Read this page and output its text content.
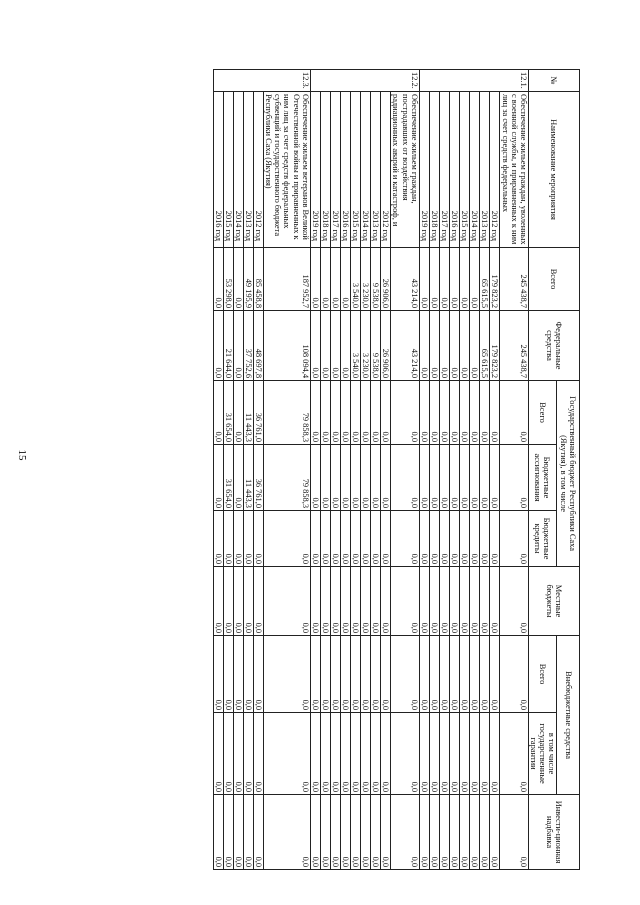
15
№	Наименование мероприятия	Всего	Федеральные средства	Государственный бюджет Республики Саха (Якутия), в том числе			Местные бюджеты	Внебюджетные средства		Инвести-ционная надбавка
				Всего	Бюджетные ассигнования	Бюджетные кредиты		Всего	в том числе государственные гарантии	

12.1.	Обеспечение жильем граждан, уволенных с военной службы, и приравненных к ним лиц за счет средств федеральных	245 438,7	245 438,7	0,0	0,0	0,0	0,0	0,0	0,0	0,0
	2012 год	179 823,2	179 823,2	0,0	0,0	0,0	0,0	0,0	0,0	0,0
	2013 год	65 615,5	65 615,5	0,0	0,0	0,0	0,0	0,0	0,0	0,0
	2014 год	0,0	0,0	0,0	0,0	0,0	0,0	0,0	0,0	0,0
	2015 год	0,0	0,0	0,0	0,0	0,0	0,0	0,0	0,0	0,0
	2016 год	0,0	0,0	0,0	0,0	0,0	0,0	0,0	0,0	0,0
	2017 год	0,0	0,0	0,0	0,0	0,0	0,0	0,0	0,0	0,0
	2018 год	0,0	0,0	0,0	0,0	0,0	0,0	0,0	0,0	0,0
	2019 год	0,0	0,0	0,0	0,0	0,0	0,0	0,0	0,0	0,0
12.2.	Обеспечение жильем граждан, пострадавших от воздействия радиационных аварий и катастроф, и	43 214,0	43 214,0	0,0	0,0	0,0	0,0	0,0	0,0	0,0
	2012 год	26 906,0	26 906,0	0,0	0,0	0,0	0,0	0,0	0,0	0,0
	2013 год	9 538,0	9 538,0	0,0	0,0	0,0	0,0	0,0	0,0	0,0
	2014 год	3 230,0	3 230,0	0,0	0,0	0,0	0,0	0,0	0,0	0,0
	2015 год	3 540,0	3 540,0	0,0	0,0	0,0	0,0	0,0	0,0	0,0
	2016 год	0,0	0,0	0,0	0,0	0,0	0,0	0,0	0,0	0,0
	2017 год	0,0	0,0	0,0	0,0	0,0	0,0	0,0	0,0	0,0
	2018 год	0,0	0,0	0,0	0,0	0,0	0,0	0,0	0,0	0,0
	2019 год	0,0	0,0	0,0	0,0	0,0	0,0	0,0	0,0	0,0
12.3.	Обеспечение жильем ветеранов Великой Отечественной войны и приравненных к ним лиц за счет средств федеральных субвенций и государственного бюджета Республики Саха (Якутия)	187 952,7	108 094,4	79 858,3	79 858,3	0,0	0,0	0,0	0,0	0,0
	2012 год	85 458,8	48 697,8	36 761,0	36 761,0	0,0	0,0	0,0	0,0	0,0
	2013 год	49 195,9	37 752,6	11 443,3	11 443,3	0,0	0,0	0,0	0,0	0,0
	2014 год	0,0	0,0	0,0	0,0	0,0	0,0	0,0	0,0	0,0
	2015 год	53 298,0	21 644,0	31 654,0	31 654,0	0,0	0,0	0,0	0,0	0,0
	2016 год	0,0	0,0	0,0	0,0	0,0	0,0	0,0	0,0	0,0
